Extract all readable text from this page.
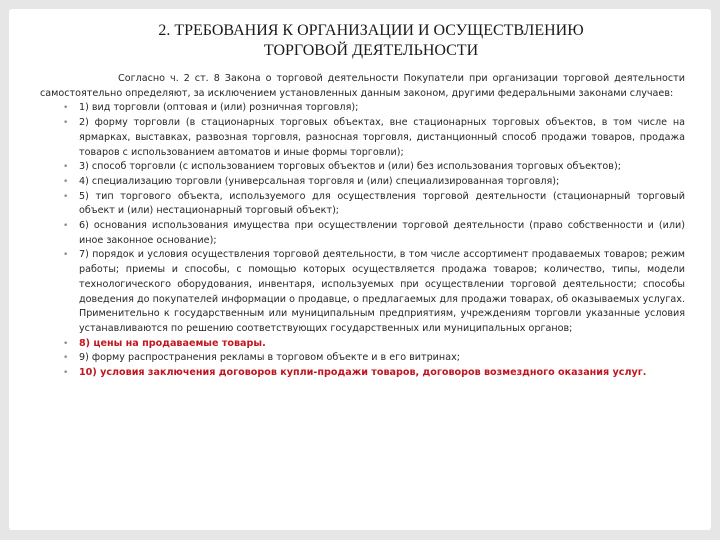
2. ТРЕБОВАНИЯ К ОРГАНИЗАЦИИ И ОСУЩЕСТВЛЕНИЮ
ТОРГОВОЙ ДЕЯТЕЛЬНОСТИ

Согласно ч. 2 ст. 8 Закона о торговой деятельности Покупатели при организации торговой деятельности самостоятельно определяют, за исключением установленных данным законом, другими федеральными законами случаев:

• 1) вид торговли (оптовая и (или) розничная торговля);
• 2) форму торговли (в стационарных торговых объектах, вне стационарных торговых объектов, в том числе на ярмарках, выставках, развозная торговля, разносная торговля, дистанционный способ продажи товаров, продажа товаров с использованием автоматов и иные формы торговли);
• 3) способ торговли (с использованием торговых объектов и (или) без использования торговых объектов);
• 4) специализацию торговли (универсальная торговля и (или) специализированная торговля);
• 5) тип торгового объекта, используемого для осуществления торговой деятельности (стационарный торговый объект и (или) нестационарный торговый объект);
• 6) основания использования имущества при осуществлении торговой деятельности (право собственности и (или) иное законное основание);
• 7) порядок и условия осуществления торговой деятельности, в том числе ассортимент продаваемых товаров; режим работы; приемы и способы, с помощью которых осуществляется продажа товаров; количество, типы, модели технологического оборудования, инвентаря, используемых при осуществлении торговой деятельности; способы доведения до покупателей информации о продавце, о предлагаемых для продажи товарах, об оказываемых услугах. Применительно к государственным или муниципальным предприятиям, учреждениям торговли указанные условия устанавливаются по решению соответствующих государственных или муниципальных органов;
• 8) цены на продаваемые товары.
• 9) форму распространения рекламы в торговом объекте и в его витринах;
• 10) условия заключения договоров купли-продажи товаров, договоров возмездного оказания услуг.
